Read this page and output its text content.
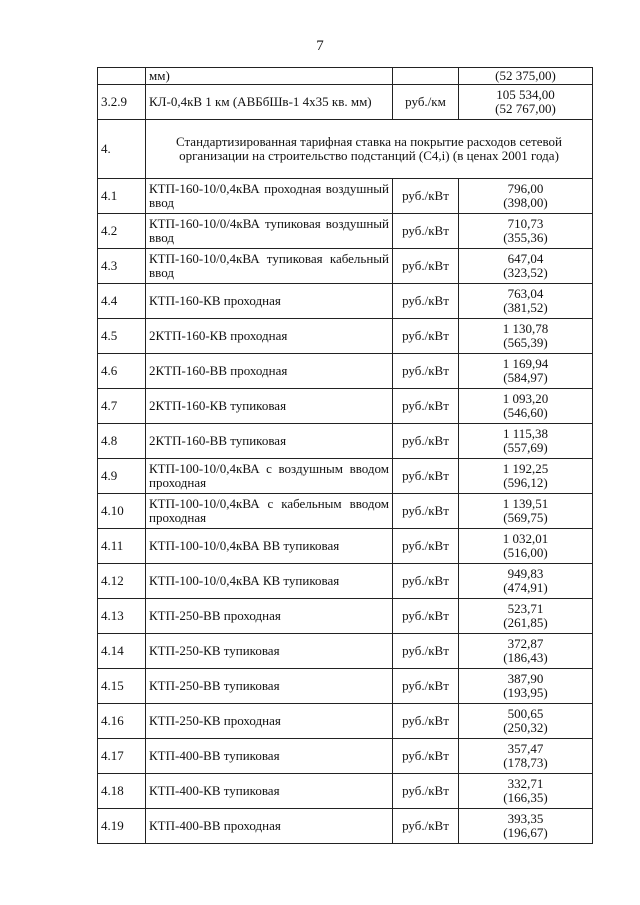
7
	мм)		(52 375,00)

3.2.9	КЛ-0,4кВ 1 км (АВБбШв-1 4х35 кв. мм)	руб./км	105 534,00
(52 767,00)

4.	Стандартизированная тарифная ставка на покрытие расходов сетевой организации на строительство подстанций (С4,i) (в ценах 2001 года)		
4.1	КТП-160-10/0,4кВА проходная воздушный ввод	руб./кВт	796,00
(398,00)

4.2	КТП-160-10/0/4кВА тупиковая воздушный ввод	руб./кВт	710,73
(355,36)

4.3	КТП-160-10/0,4кВА тупиковая кабельный ввод	руб./кВт	647,04
(323,52)

4.4	КТП-160-КВ проходная	руб./кВт	763,04
(381,52)

4.5	2КТП-160-КВ проходная	руб./кВт	1 130,78
(565,39)

4.6	2КТП-160-ВВ проходная	руб./кВт	1 169,94
(584,97)

4.7	2КТП-160-КВ тупиковая	руб./кВт	1 093,20
(546,60)

4.8	2КТП-160-ВВ тупиковая	руб./кВт	1 115,38
(557,69)

4.9	КТП-100-10/0,4кВА с воздушным вводом проходная	руб./кВт	1 192,25
(596,12)

4.10	КТП-100-10/0,4кВА с кабельным вводом проходная	руб./кВт	1 139,51
(569,75)

4.11	КТП-100-10/0,4кВА ВВ тупиковая	руб./кВт	1 032,01
(516,00)

4.12	КТП-100-10/0,4кВА КВ тупиковая	руб./кВт	949,83
(474,91)

4.13	КТП-250-ВВ проходная	руб./кВт	523,71
(261,85)

4.14	КТП-250-КВ тупиковая	руб./кВт	372,87
(186,43)

4.15	КТП-250-ВВ тупиковая	руб./кВт	387,90
(193,95)

4.16	КТП-250-КВ проходная	руб./кВт	500,65
(250,32)

4.17	КТП-400-ВВ тупиковая	руб./кВт	357,47
(178,73)

4.18	КТП-400-КВ тупиковая	руб./кВт	332,71
(166,35)

4.19	КТП-400-ВВ проходная	руб./кВт	393,35
(196,67)
